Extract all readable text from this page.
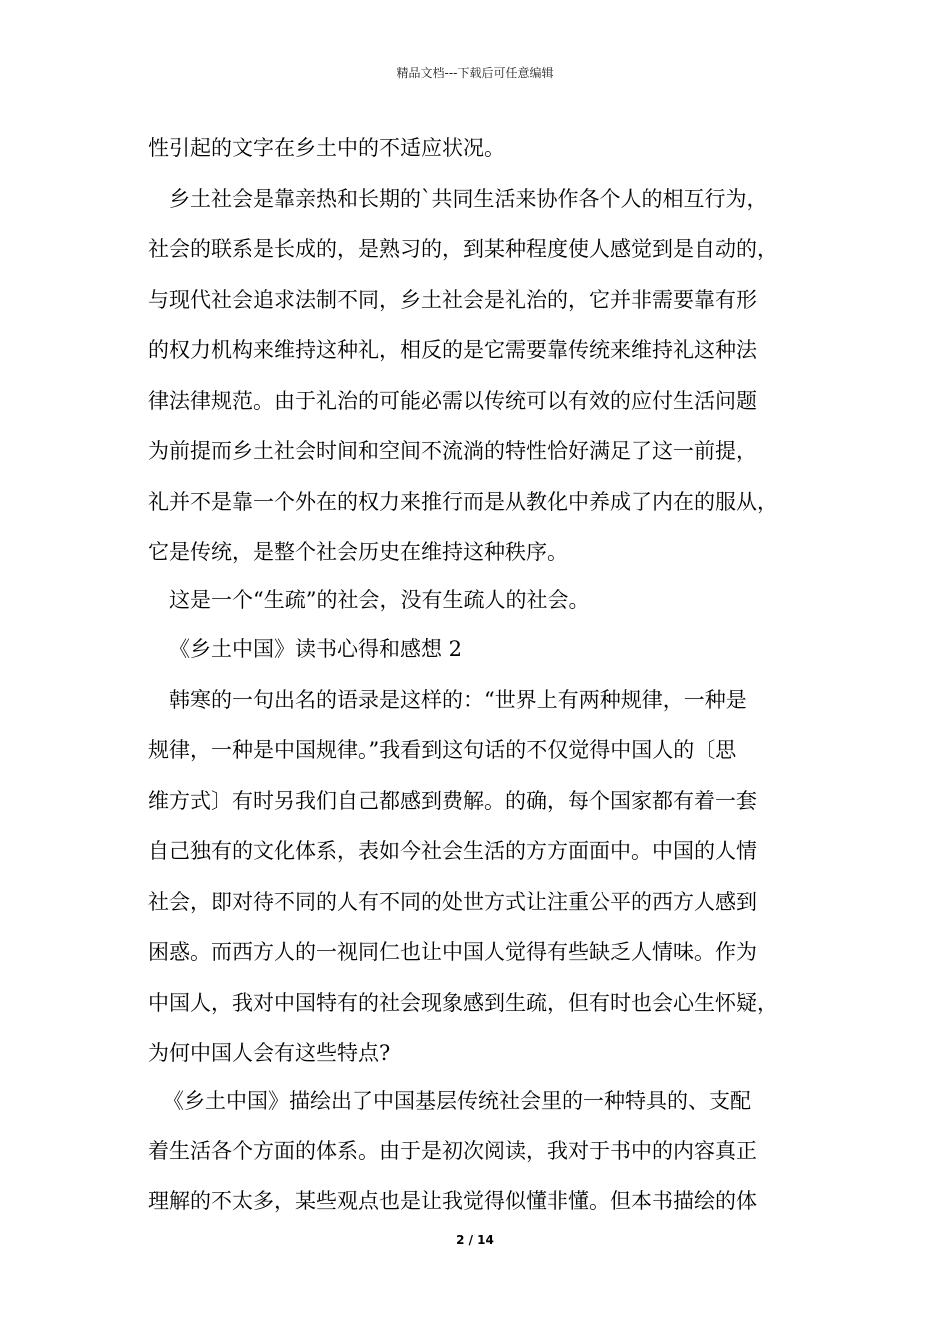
精品文档---下载后可任意编辑
性引起的文字在乡土中的不适应状况。
乡土社会是靠亲热和长期的`共同生活来协作各个人的相互行为，
社会的联系是长成的，是熟习的，到某种程度使人感觉到是自动的，
与现代社会追求法制不同，乡土社会是礼治的，它并非需要靠有形
的权力机构来维持这种礼，相反的是它需要靠传统来维持礼这种法
律法律规范。由于礼治的可能必需以传统可以有效的应付生活问题
为前提而乡土社会时间和空间不流淌的特性恰好满足了这一前提，
礼并不是靠一个外在的权力来推行而是从教化中养成了内在的服从，
它是传统，是整个社会历史在维持这种秩序。
这是一个“生疏”的社会，没有生疏人的社会。
《乡土中国》读书心得和感想 2
韩寒的一句出名的语录是这样的：“世界上有两种规律，一种是
规律，一种是中国规律。”我看到这句话的不仅觉得中国人的〔思
维方式〕有时另我们自己都感到费解。的确，每个国家都有着一套
自己独有的文化体系，表如今社会生活的方方面面中。中国的人情
社会，即对待不同的人有不同的处世方式让注重公平的西方人感到
困惑。而西方人的一视同仁也让中国人觉得有些缺乏人情味。作为
中国人，我对中国特有的社会现象感到生疏，但有时也会心生怀疑，
为何中国人会有这些特点?
《乡土中国》描绘出了中国基层传统社会里的一种特具的、支配
着生活各个方面的体系。由于是初次阅读，我对于书中的内容真正
理解的不太多，某些观点也是让我觉得似懂非懂。但本书描绘的体
2 / 14
